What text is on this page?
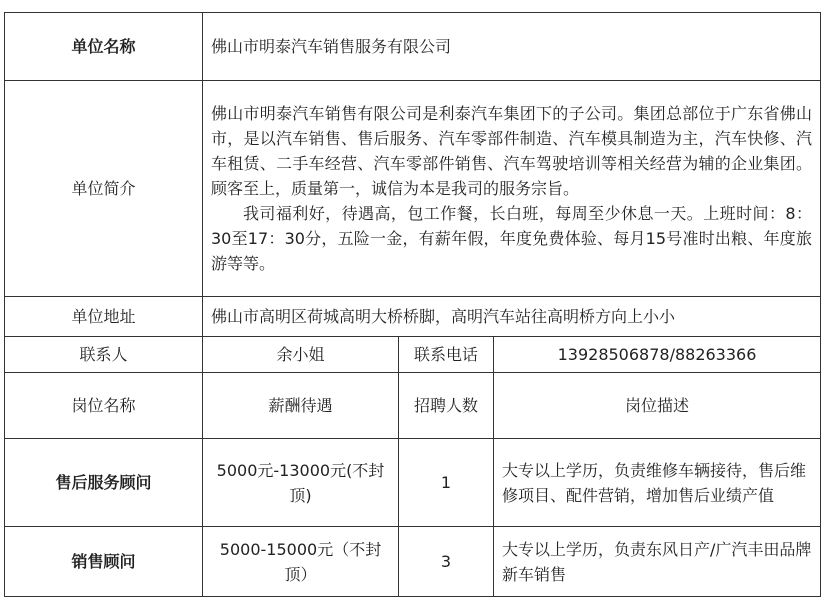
单位名称	佛山市明泰汽车销售服务有限公司		
单位简介	佛山市明泰汽车销售有限公司是利泰汽车集团下的子公司。集团总部位于广东省佛山市，是以汽车销售、售后服务、汽车零部件制造、汽车模具制造为主，汽车快修、汽车租赁、二手车经营、汽车零部件销售、汽车驾驶培训等相关经营为辅的企业集团。顾客至上，质量第一，诚信为本是我司的服务宗旨。

我司福利好，待遇高，包工作餐，长白班，每周至少休息一天。上班时间：8：30至17：30分，五险一金，有薪年假，年度免费体验、每月15号准时出粮、年度旅游等等。		

单位地址	佛山市高明区荷城高明大桥桥脚，高明汽车站往高明桥方向上小小		
联系人	余小姐	联系电话	13928506878/88263366
岗位名称	薪酬待遇	招聘人数	岗位描述
售后服务顾问	5000元-13000元(不封顶)	1	大专以上学历，负责维修车辆接待，售后维修项目、配件营销，增加售后业绩产值
销售顾问	5000-15000元（不封顶）	3	大专以上学历，负责东风日产/广汽丰田品牌新车销售
